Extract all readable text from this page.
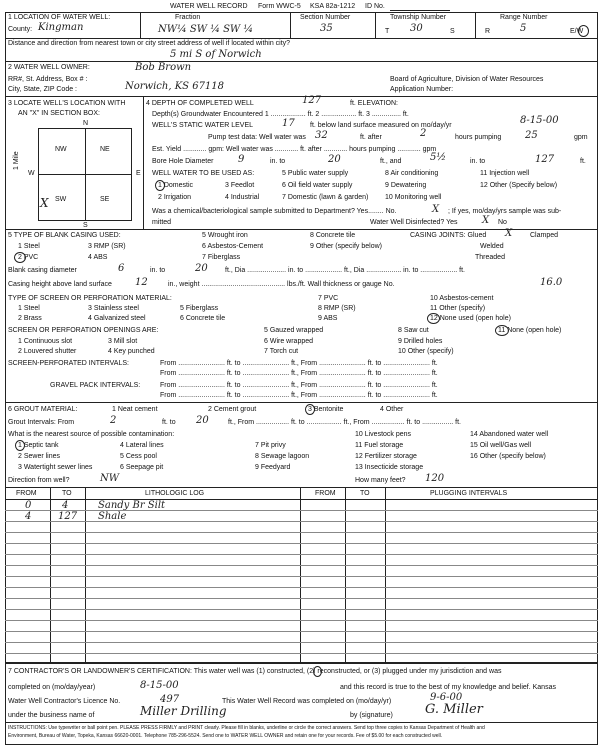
WATER WELL RECORD Form WWC-5 KSA 82a-1212 ID No.
1 LOCATION OF WATER WELL:
County: Kingman
Fraction
NW¼ SW ¼ SW ¼
Section Number
35
Township Number
T 30	S
Range Number
R	5	E/W
Distance and direction from nearest town or city street address of well if located within city?
5 mi S of Norwich
2 WATER WELL OWNER:	Bob Brown
RR#, St. Address, Box # :
City, State, ZIP Code :	Norwich, KS 67118
Board of Agriculture, Division of Water Resources
Application Number:
3 LOCATE WELL'S LOCATION WITH
AN "X" IN SECTION BOX:
N
S
W	E
NW	NE
SW	SE
1 Mile
X
4 DEPTH OF COMPLETED WELL	127	ft. ELEVATION:
Depth(s) Groundwater Encountered 1 .................. ft. 2 .................. ft. 3 ............... ft.
WELL'S STATIC WATER LEVEL	17 ft. below land surface measured on mo/day/yr	8-15-00
Pump test data: Well water was 32	ft. after	2	hours pumping 25	gpm
Est. Yield ............ gpm: Well water was ............ ft. after ............ hours pumping ............ gpm
Bore Hole Diameter 9	in. to	20	ft., and	5½	in. to	127	ft.
WELL WATER TO BE USED AS:
1 Domestic	3 Feedlot
5 Public water supply	8 Air conditioning	11 Injection well
2 Irrigation	4 Industrial	7 Domestic (lawn & garden) 10 Monitoring well
6 Oil field water supply	9 Dewatering	12 Other (Specify below)
Was a chemical/bacteriological sample submitted to Department? Yes........ No.	X ; If yes, mo/day/yrs sample was sub-
mitted	Water Well Disinfected? Yes X No
5 TYPE OF BLANK CASING USED:
1 Steel	3 RMP (SR)
5 Wrought iron
6 Asbestos-Cement
7 Fiberglass
8 Concrete tile
9 Other (specify below)
2 PVC	4 ABS
CASING JOINTS: Glued X	Clamped
Welded
Threaded
Blank casing diameter	6	in. to	20 ft., Dia .................... in. to ................... ft., Dia .................. in. to ................... ft.
Casing height above land surface 12	in., weight ........................................... lbs./ft. Wall thickness or gauge No.	16.0
TYPE OF SCREEN OR PERFORATION MATERIAL:
1 Steel	3 Stainless steel	5 Fiberglass
7 PVC	10 Asbestos-cement
2 Brass	4 Galvanized steel	6 Concrete tile
8 RMP (SR)
9 ABS
11 Other (specify)
12 None used (open hole)
SCREEN OR PERFORATION OPENINGS ARE:
1 Continuous slot	3 Mill slot
5 Gauzed wrapped	8 Saw cut	11 None (open hole)
2 Louvered shutter	4 Key punched
6 Wire wrapped	9 Drilled holes
7 Torch cut	10 Other (specify)
SCREEN-PERFORATED INTERVALS:	From ........................ ft. to ........................ ft., From ........................ ft. to ........................ ft.
From ........................ ft. to ........................ ft., From ........................ ft. to ........................ ft.
GRAVEL PACK INTERVALS:	From ........................ ft. to ........................ ft., From ........................ ft. to ........................ ft.
From ........................ ft. to ........................ ft., From ........................ ft. to ........................ ft.
6 GROUT MATERIAL:	1 Neat cement	2 Cement grout	3 Bentonite	4 Other
Grout Intervals: From	2	ft. to 20	ft., From ................. ft. to .................. ft., From ................. ft. to ................ ft.
What is the nearest source of possible contamination:
1 Septic tank	4 Lateral lines	7 Pit privy
10 Livestock pens	14 Abandoned water well
2 Sewer lines	5 Cess pool	8 Sewage lagoon
11 Fuel storage	15 Oil well/Gas well
3 Watertight sewer lines	6 Seepage pit	9 Feedyard
12 Fertilizer storage	16 Other (specify below)
13 Insecticide storage
Direction from well?	NW	How many feet? 120
FROM	TO	LITHOLOGIC LOG	FROM	TO	PLUGGING INTERVALS
0	4	Sandy Br Silt
4	127 Shale
7 CONTRACTOR'S OR LANDOWNER'S CERTIFICATION: This water well was (1) constructed, (2) reconstructed, or (3) plugged under my jurisdiction and was
completed on (mo/day/year)	8-15-00	and this record is true to the best of my knowledge and belief. Kansas
Water Well Contractor's Licence No.	497	This Water Well Record was completed on (mo/day/yr)	9-6-00
under the business name of	Miller Drilling	by (signature) G. Miller
INSTRUCTIONS: Use typewriter or ball point pen. PLEASE PRESS FIRMLY and PRINT clearly. Please fill in blanks, underline or circle the correct answers. Send top three copies to Kansas Department of Health and
Environment, Bureau of Water, Topeka, Kansas 66620-0001. Telephone 785-296-5524. Send one to WATER WELL OWNER and retain one for your records. Fee of $5.00 for each constructed well.
